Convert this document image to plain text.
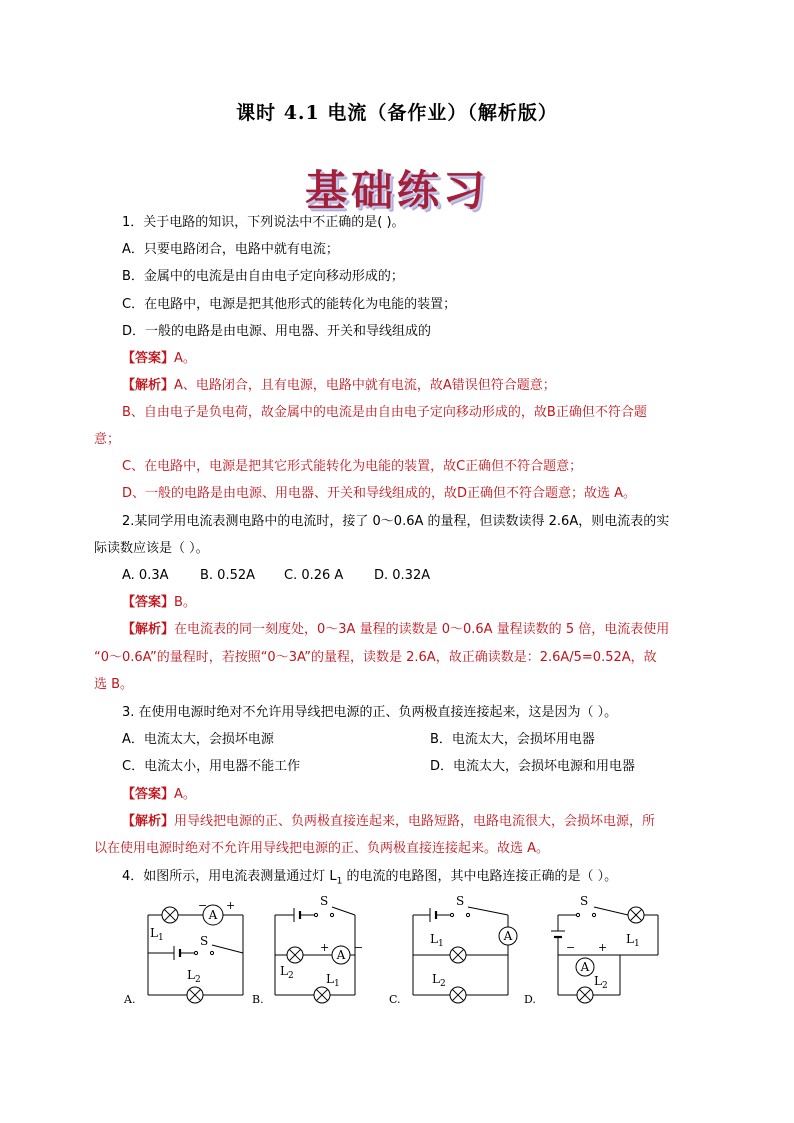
课时 4.1 电流（备作业）（解析版）
基础练习
1．关于电路的知识，下列说法中不正确的是( )。
A．只要电路闭合，电路中就有电流；
B．金属中的电流是由自由电子定向移动形成的；
C．在电路中，电源是把其他形式的能转化为电能的装置；
D．一般的电路是由电源、用电器、开关和导线组成的
【答案】A。
【解析】A、电路闭合，且有电源，电路中就有电流，故A错误但符合题意；
B、自由电子是负电荷，故金属中的电流是由自由电子定向移动形成的，故B正确但不符合题
意；
C、在电路中，电源是把其它形式能转化为电能的装置，故C正确但不符合题意；
D、一般的电路是由电源、用电器、开关和导线组成的，故D正确但不符合题意；故选 A。
2.某同学用电流表测电路中的电流时，接了 0～0.6A 的量程，但读数读得 2.6A，则电流表的实
际读数应该是（ ）。
A. 0.3A B. 0.52A C. 0.26 A D. 0.32A
【答案】B。
【解析】在电流表的同一刻度处，0～3A 量程的读数是 0～0.6A 量程读数的 5 倍，电流表使用
“0～0.6A”的量程时，若按照“0～3A”的量程，读数是 2.6A，故正确读数是：2.6A/5=0.52A，故
选 B。
3. 在使用电源时绝对不允许用导线把电源的正、负两极直接连接起来，这是因为（ ）。
A．电流太大，会损坏电源	B．电流太大，会损坏用电器
C．电流太小，用电器不能工作	D．电流太大，会损坏电源和用电器
【答案】A。
【解析】用导线把电源的正、负两极直接连起来，电路短路，电路电流很大，会损坏电源，所
以在使用电源时绝对不允许用导线把电源的正、负两极直接连接起来。故选 A。
4．如图所示，用电流表测量通过灯 $L_1$ 的电流的电路图，其中电路连接正确的是（ ）。
A
A
A
A
− +
+ −	− +
S
S	S	S
$L_1$
$L_2$
$L_2$	$L_1$
$L_1$
$L_2$
$L_1$
$L_2$
A.	B.	C.	D.
